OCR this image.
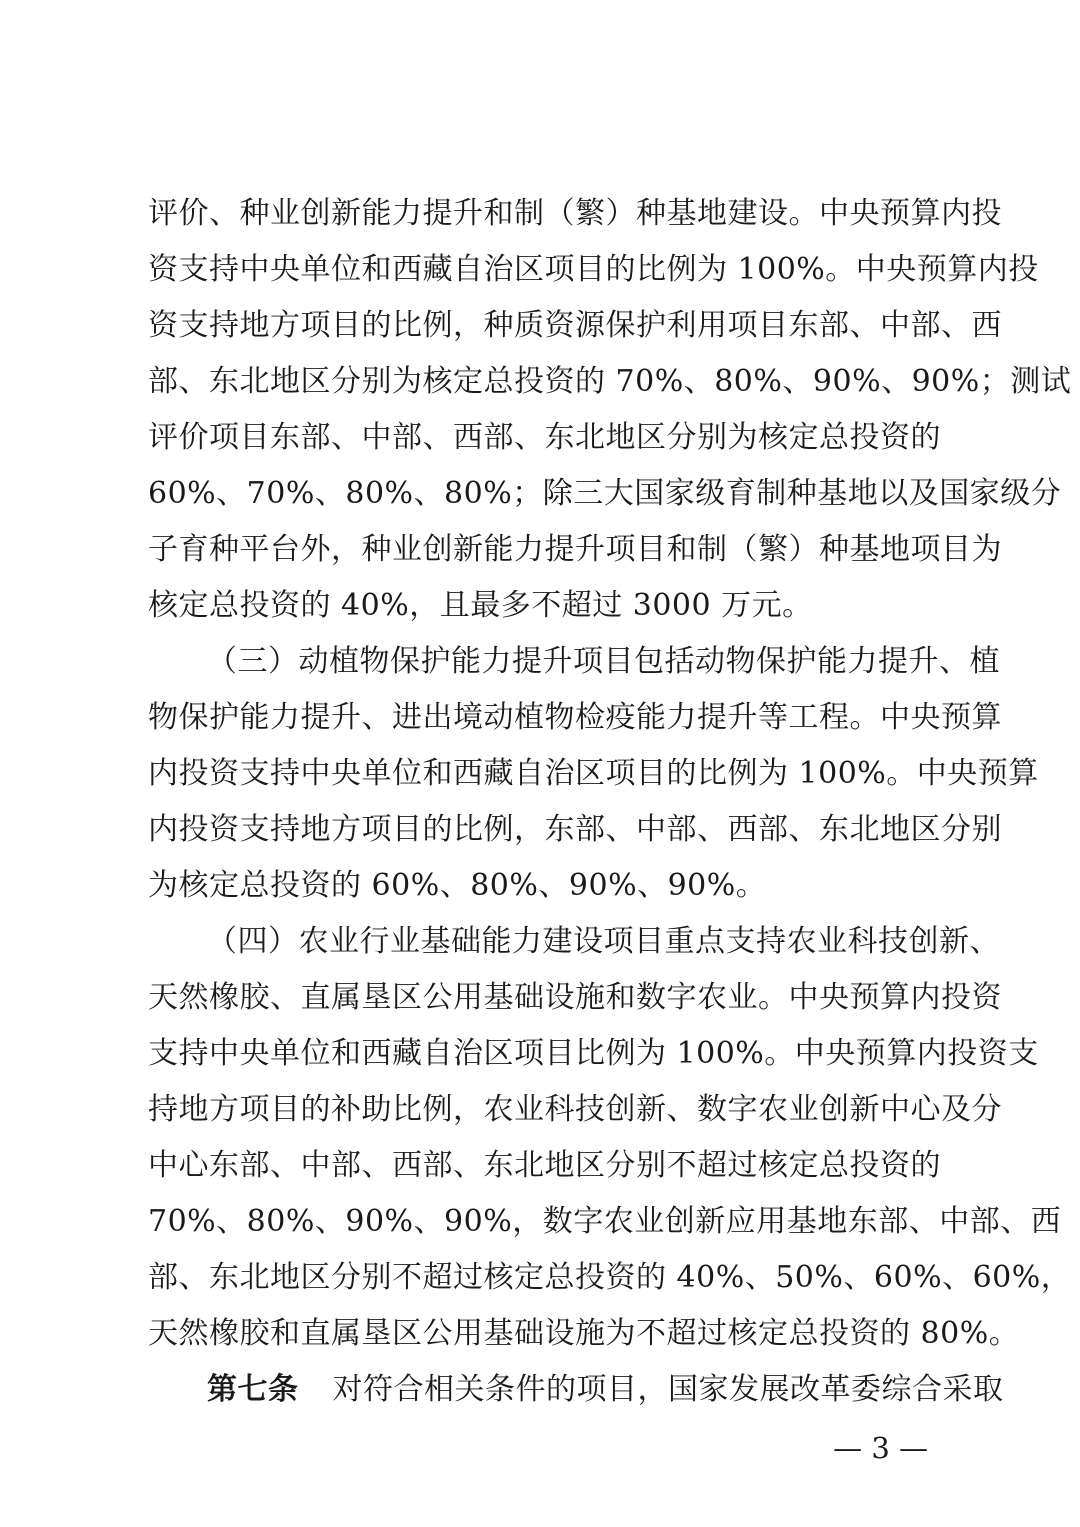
评价、种业创新能力提升和制（繁）种基地建设。中央预算内投
资支持中央单位和西藏自治区项目的比例为 100%。中央预算内投
资支持地方项目的比例，种质资源保护利用项目东部、中部、西
部、东北地区分别为核定总投资的 70%、80%、90%、90%；测试
评价项目东部、中部、西部、东北地区分别为核定总投资的
60%、70%、80%、80%；除三大国家级育制种基地以及国家级分
子育种平台外，种业创新能力提升项目和制（繁）种基地项目为
核定总投资的 40%，且最多不超过 3000 万元。
（三）动植物保护能力提升项目包括动物保护能力提升、植
物保护能力提升、进出境动植物检疫能力提升等工程。中央预算
内投资支持中央单位和西藏自治区项目的比例为 100%。中央预算
内投资支持地方项目的比例，东部、中部、西部、东北地区分别
为核定总投资的 60%、80%、90%、90%。
（四）农业行业基础能力建设项目重点支持农业科技创新、
天然橡胶、直属垦区公用基础设施和数字农业。中央预算内投资
支持中央单位和西藏自治区项目比例为 100%。中央预算内投资支
持地方项目的补助比例，农业科技创新、数字农业创新中心及分
中心东部、中部、西部、东北地区分别不超过核定总投资的
70%、80%、90%、90%，数字农业创新应用基地东部、中部、西
部、东北地区分别不超过核定总投资的 40%、50%、60%、60%，
天然橡胶和直属垦区公用基础设施为不超过核定总投资的 80%。
第七条 对符合相关条件的项目，国家发展改革委综合采取
— 3 —
